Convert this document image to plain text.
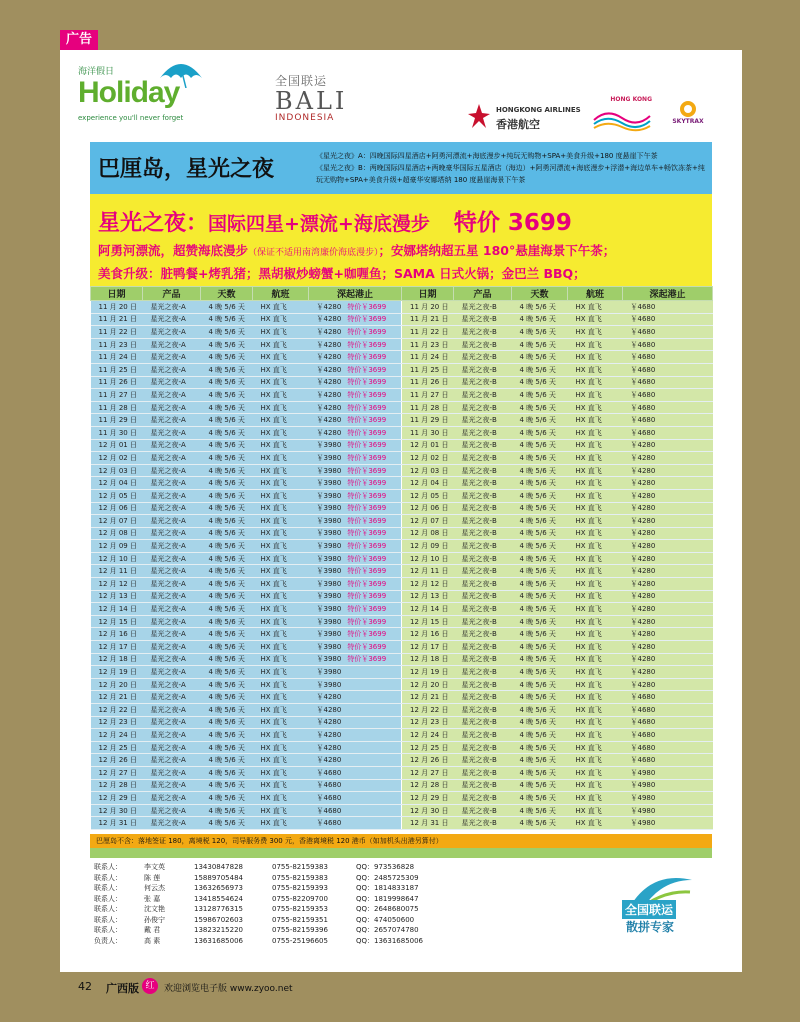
广告
海洋假日
Holiday
experience you'll never forget
全国联运
BALI
INDONESIA
HONGKONG AIRLINES
香港航空
HONG KONG
SKYTRAX
巴厘岛，星光之夜
《星光之夜》A：四晚国际四星酒店+阿勇河漂流+海底漫步+纯玩无购物+SPA+美食升级+180 度悬崖下午茶
《星光之夜》B：两晚国际四星酒店+两晚豪华国际五星酒店（海边）+阿勇河漂流+海底漫步+浮潜+海边单车+畅饮冻茶+纯玩无购物+SPA+美食升级+超豪华安娜塔纳 180 度悬崖海景下午茶
星光之夜：国际四星+漂流+海底漫步 特价 3699
阿勇河漂流，超赞海底漫步（保证不适用南湾廉价海底漫步）；安娜塔纳超五星 180°悬崖海景下午茶；
美食升级：脏鸭餐+烤乳猪；黑胡椒炒螃蟹+咖喱鱼；SAMA 日式火锅；金巴兰 BBQ；
日期	产品	天数	航班	深起港止	日期	产品	天数	航班	深起港止
11 月 20 日	星光之夜-A	4 晚 5/6 天	HX 直飞	￥4280 特价￥3699	11 月 20 日	星光之夜-B	4 晚 5/6 天	HX 直飞	￥4680
11 月 21 日	星光之夜-A	4 晚 5/6 天	HX 直飞	￥4280 特价￥3699	11 月 21 日	星光之夜-B	4 晚 5/6 天	HX 直飞	￥4680
11 月 22 日	星光之夜-A	4 晚 5/6 天	HX 直飞	￥4280 特价￥3699	11 月 22 日	星光之夜-B	4 晚 5/6 天	HX 直飞	￥4680
11 月 23 日	星光之夜-A	4 晚 5/6 天	HX 直飞	￥4280 特价￥3699	11 月 23 日	星光之夜-B	4 晚 5/6 天	HX 直飞	￥4680
11 月 24 日	星光之夜-A	4 晚 5/6 天	HX 直飞	￥4280 特价￥3699	11 月 24 日	星光之夜-B	4 晚 5/6 天	HX 直飞	￥4680
11 月 25 日	星光之夜-A	4 晚 5/6 天	HX 直飞	￥4280 特价￥3699	11 月 25 日	星光之夜-B	4 晚 5/6 天	HX 直飞	￥4680
11 月 26 日	星光之夜-A	4 晚 5/6 天	HX 直飞	￥4280 特价￥3699	11 月 26 日	星光之夜-B	4 晚 5/6 天	HX 直飞	￥4680
11 月 27 日	星光之夜-A	4 晚 5/6 天	HX 直飞	￥4280 特价￥3699	11 月 27 日	星光之夜-B	4 晚 5/6 天	HX 直飞	￥4680
11 月 28 日	星光之夜-A	4 晚 5/6 天	HX 直飞	￥4280 特价￥3699	11 月 28 日	星光之夜-B	4 晚 5/6 天	HX 直飞	￥4680
11 月 29 日	星光之夜-A	4 晚 5/6 天	HX 直飞	￥4280 特价￥3699	11 月 29 日	星光之夜-B	4 晚 5/6 天	HX 直飞	￥4680
11 月 30 日	星光之夜-A	4 晚 5/6 天	HX 直飞	￥4280 特价￥3699	11 月 30 日	星光之夜-B	4 晚 5/6 天	HX 直飞	￥4680
12 月 01 日	星光之夜-A	4 晚 5/6 天	HX 直飞	￥3980 特价￥3699	12 月 01 日	星光之夜-B	4 晚 5/6 天	HX 直飞	￥4280
12 月 02 日	星光之夜-A	4 晚 5/6 天	HX 直飞	￥3980 特价￥3699	12 月 02 日	星光之夜-B	4 晚 5/6 天	HX 直飞	￥4280
12 月 03 日	星光之夜-A	4 晚 5/6 天	HX 直飞	￥3980 特价￥3699	12 月 03 日	星光之夜-B	4 晚 5/6 天	HX 直飞	￥4280
12 月 04 日	星光之夜-A	4 晚 5/6 天	HX 直飞	￥3980 特价￥3699	12 月 04 日	星光之夜-B	4 晚 5/6 天	HX 直飞	￥4280
12 月 05 日	星光之夜-A	4 晚 5/6 天	HX 直飞	￥3980 特价￥3699	12 月 05 日	星光之夜-B	4 晚 5/6 天	HX 直飞	￥4280
12 月 06 日	星光之夜-A	4 晚 5/6 天	HX 直飞	￥3980 特价￥3699	12 月 06 日	星光之夜-B	4 晚 5/6 天	HX 直飞	￥4280
12 月 07 日	星光之夜-A	4 晚 5/6 天	HX 直飞	￥3980 特价￥3699	12 月 07 日	星光之夜-B	4 晚 5/6 天	HX 直飞	￥4280
12 月 08 日	星光之夜-A	4 晚 5/6 天	HX 直飞	￥3980 特价￥3699	12 月 08 日	星光之夜-B	4 晚 5/6 天	HX 直飞	￥4280
12 月 09 日	星光之夜-A	4 晚 5/6 天	HX 直飞	￥3980 特价￥3699	12 月 09 日	星光之夜-B	4 晚 5/6 天	HX 直飞	￥4280
12 月 10 日	星光之夜-A	4 晚 5/6 天	HX 直飞	￥3980 特价￥3699	12 月 10 日	星光之夜-B	4 晚 5/6 天	HX 直飞	￥4280
12 月 11 日	星光之夜-A	4 晚 5/6 天	HX 直飞	￥3980 特价￥3699	12 月 11 日	星光之夜-B	4 晚 5/6 天	HX 直飞	￥4280
12 月 12 日	星光之夜-A	4 晚 5/6 天	HX 直飞	￥3980 特价￥3699	12 月 12 日	星光之夜-B	4 晚 5/6 天	HX 直飞	￥4280
12 月 13 日	星光之夜-A	4 晚 5/6 天	HX 直飞	￥3980 特价￥3699	12 月 13 日	星光之夜-B	4 晚 5/6 天	HX 直飞	￥4280
12 月 14 日	星光之夜-A	4 晚 5/6 天	HX 直飞	￥3980 特价￥3699	12 月 14 日	星光之夜-B	4 晚 5/6 天	HX 直飞	￥4280
12 月 15 日	星光之夜-A	4 晚 5/6 天	HX 直飞	￥3980 特价￥3699	12 月 15 日	星光之夜-B	4 晚 5/6 天	HX 直飞	￥4280
12 月 16 日	星光之夜-A	4 晚 5/6 天	HX 直飞	￥3980 特价￥3699	12 月 16 日	星光之夜-B	4 晚 5/6 天	HX 直飞	￥4280
12 月 17 日	星光之夜-A	4 晚 5/6 天	HX 直飞	￥3980 特价￥3699	12 月 17 日	星光之夜-B	4 晚 5/6 天	HX 直飞	￥4280
12 月 18 日	星光之夜-A	4 晚 5/6 天	HX 直飞	￥3980 特价￥3699	12 月 18 日	星光之夜-B	4 晚 5/6 天	HX 直飞	￥4280
12 月 19 日	星光之夜-A	4 晚 5/6 天	HX 直飞	￥3980	12 月 19 日	星光之夜-B	4 晚 5/6 天	HX 直飞	￥4280
12 月 20 日	星光之夜-A	4 晚 5/6 天	HX 直飞	￥3980	12 月 20 日	星光之夜-B	4 晚 5/6 天	HX 直飞	￥4280
12 月 21 日	星光之夜-A	4 晚 5/6 天	HX 直飞	￥4280	12 月 21 日	星光之夜-B	4 晚 5/6 天	HX 直飞	￥4680
12 月 22 日	星光之夜-A	4 晚 5/6 天	HX 直飞	￥4280	12 月 22 日	星光之夜-B	4 晚 5/6 天	HX 直飞	￥4680
12 月 23 日	星光之夜-A	4 晚 5/6 天	HX 直飞	￥4280	12 月 23 日	星光之夜-B	4 晚 5/6 天	HX 直飞	￥4680
12 月 24 日	星光之夜-A	4 晚 5/6 天	HX 直飞	￥4280	12 月 24 日	星光之夜-B	4 晚 5/6 天	HX 直飞	￥4680
12 月 25 日	星光之夜-A	4 晚 5/6 天	HX 直飞	￥4280	12 月 25 日	星光之夜-B	4 晚 5/6 天	HX 直飞	￥4680
12 月 26 日	星光之夜-A	4 晚 5/6 天	HX 直飞	￥4280	12 月 26 日	星光之夜-B	4 晚 5/6 天	HX 直飞	￥4680
12 月 27 日	星光之夜-A	4 晚 5/6 天	HX 直飞	￥4680	12 月 27 日	星光之夜-B	4 晚 5/6 天	HX 直飞	￥4980
12 月 28 日	星光之夜-A	4 晚 5/6 天	HX 直飞	￥4680	12 月 28 日	星光之夜-B	4 晚 5/6 天	HX 直飞	￥4980
12 月 29 日	星光之夜-A	4 晚 5/6 天	HX 直飞	￥4680	12 月 29 日	星光之夜-B	4 晚 5/6 天	HX 直飞	￥4980
12 月 30 日	星光之夜-A	4 晚 5/6 天	HX 直飞	￥4680	12 月 30 日	星光之夜-B	4 晚 5/6 天	HX 直飞	￥4980
12 月 31 日	星光之夜-A	4 晚 5/6 天	HX 直飞	￥4680	12 月 31 日	星光之夜-B	4 晚 5/6 天	HX 直飞	￥4980
巴厘岛不含：落地签证 180，离境税 120，司导服务费 300 元，香港离境税 120 港币（如加机头出港另算付）
联系人：	李文英	13430847828	0755-82159383	QQ：973536828
联系人：	陈 莲	15889705484	0755-82159383	QQ：2485725309
联系人：	何云杰	13632656973	0755-82159393	QQ：1814833187
联系人：	张 嘉	13418554624	0755-82209700	QQ：1819998647
联系人：	沈文艳	13128776315	0755-82159353	QQ：2648680075
联系人：	孙俊宁	15986702603	0755-82159351	QQ：474050600
联系人：	戴 君	13823215220	0755-82159396	QQ：2657074780
负责人：	高 素	13631685006	0755-25196605	QQ：13631685006
全国联运
散拼专家
42 广西版 红	欢迎浏览电子版 www.zyoo.net
